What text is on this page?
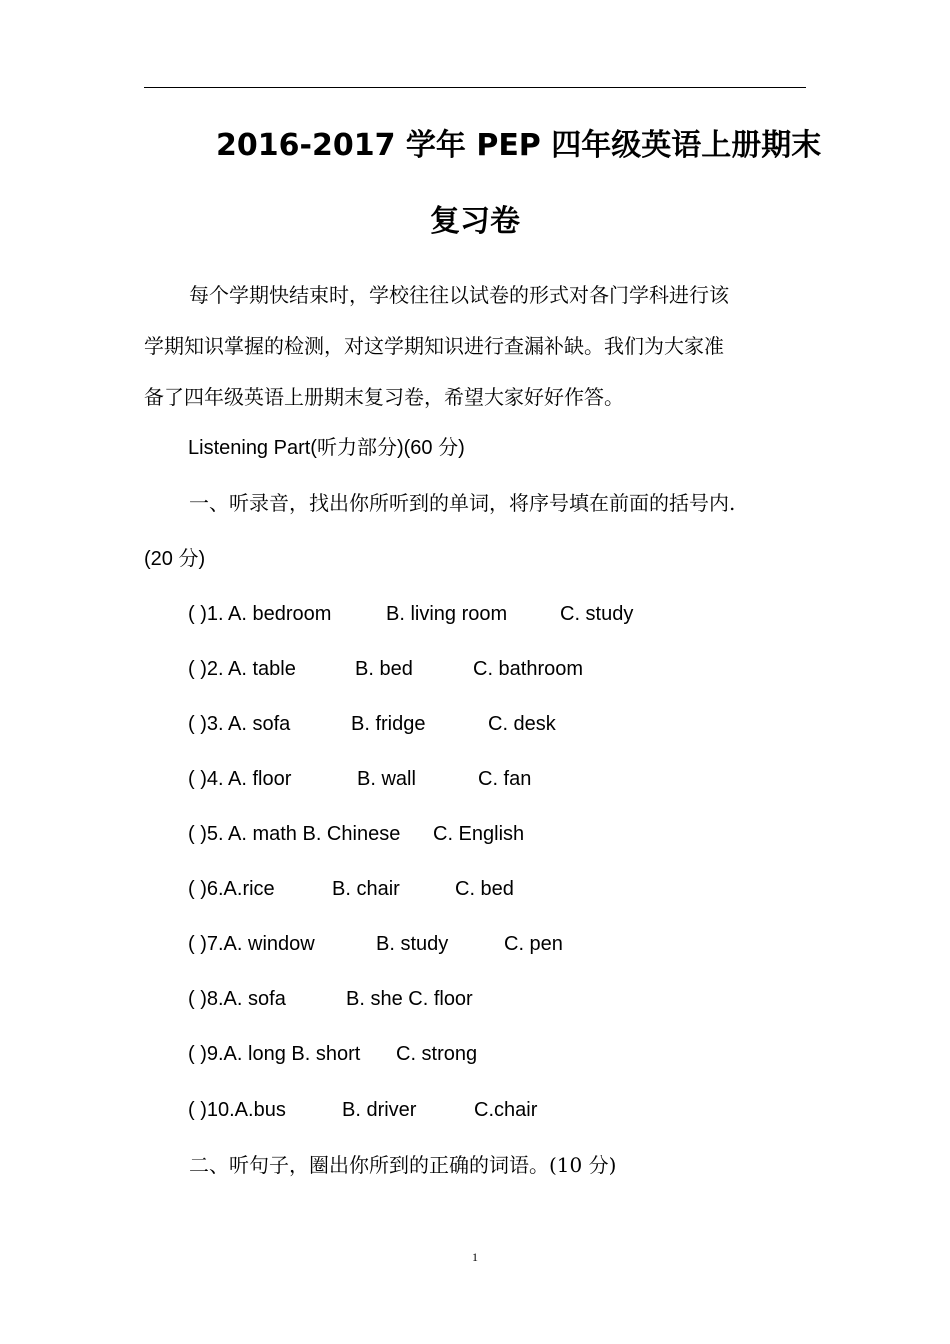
2016-2017 学年 PEP 四年级英语上册期末
复习卷
每个学期快结束时，学校往往以试卷的形式对各门学科进行该
学期知识掌握的检测，对这学期知识进行查漏补缺。我们为大家准
备了四年级英语上册期末复习卷，希望大家好好作答。
Listening Part(听力部分)(60 分)
一、听录音，找出你所听到的单词，将序号填在前面的括号内.
(20 分)
( )1. A. bedroom	B. living room	C. study
( )2. A. table	B. bed	C. bathroom
( )3. A. sofa	B. fridge	C. desk
( )4. A. floor	B. wall	C. fan
( )5. A. math B. Chinese C. English
( )6.A.rice	B. chair	C. bed
( )7.A. window	B. study	C. pen
( )8.A. sofa	B. she C. floor
( )9.A. long B. short C. strong
( )10.A.bus	B. driver	C.chair
二、听句子，圈出你所到的正确的词语。(10 分)
1
